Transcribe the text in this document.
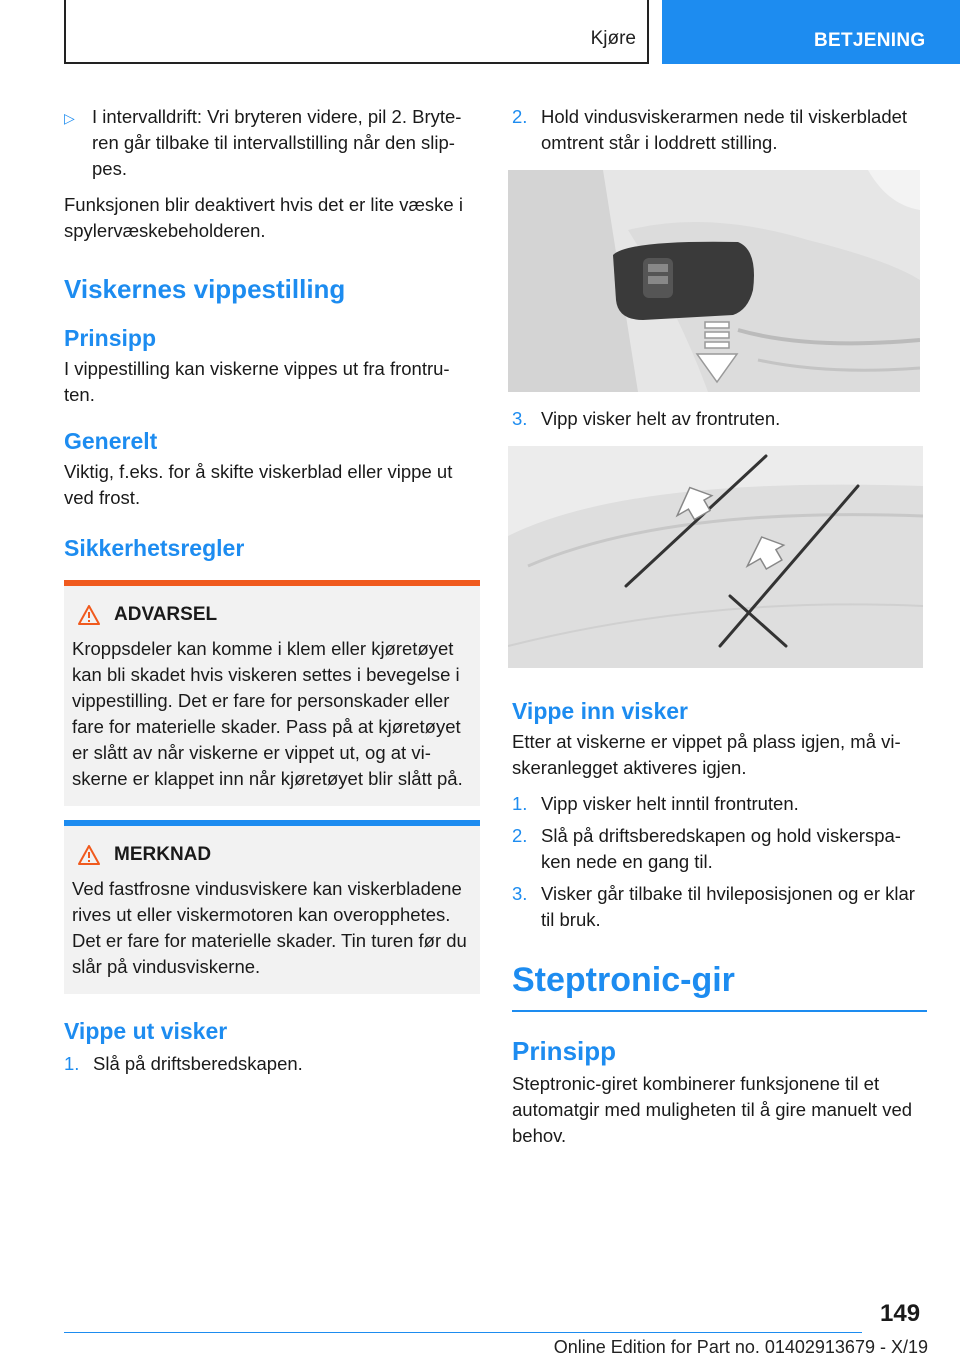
Kjøre	BETJENING
▷ I intervalldrift: Vri bryteren videre, pil 2. Bryte-ren går tilbake til intervallstilling når den slip-pes.

Funksjonen blir deaktivert hvis det er lite væske i spylervæskebeholderen.

Viskernes vippestilling
Prinsipp

I vippestilling kan viskerne vippes ut fra frontru-ten.

Generelt

Viktig, f.eks. for å skifte viskerblad eller vippe ut ved frost.

Sikkerhetsregler
ADVARSEL

Kroppsdeler kan komme i klem eller kjøretøyet kan bli skadet hvis viskeren settes i bevegelse i vippestilling. Det er fare for personskader eller fare for materielle skader. Pass på at kjøretøyet er slått av når viskerne er vippet ut, og at vi-skerne er klappet inn når kjøretøyet blir slått på.

MERKNAD

Ved fastfrosne vindusviskere kan viskerbladene rives ut eller viskermotoren kan overopphetes. Det er fare for materielle skader. Tin turen før du slår på vindusviskerne.

Vippe ut visker
1. Slå på driftsberedskapen.
2. Hold vindusviskerarmen nede til viskerbladet omtrent står i loddrett stilling.
3. Vipp visker helt av frontruten.
Vippe inn visker

Etter at viskerne er vippet på plass igjen, må vi-skeranlegget aktiveres igjen.

1. Vipp visker helt inntil frontruten.
2. Slå på driftsberedskapen og hold viskerspa-ken nede en gang til.
3. Visker går tilbake til hvileposisjonen og er klar til bruk.
Steptronic-gir
Prinsipp

Steptronic-giret kombinerer funksjonene til et automatgir med muligheten til å gire manuelt ved behov.

149
Online Edition for Part no. 01402913679 - X/19
